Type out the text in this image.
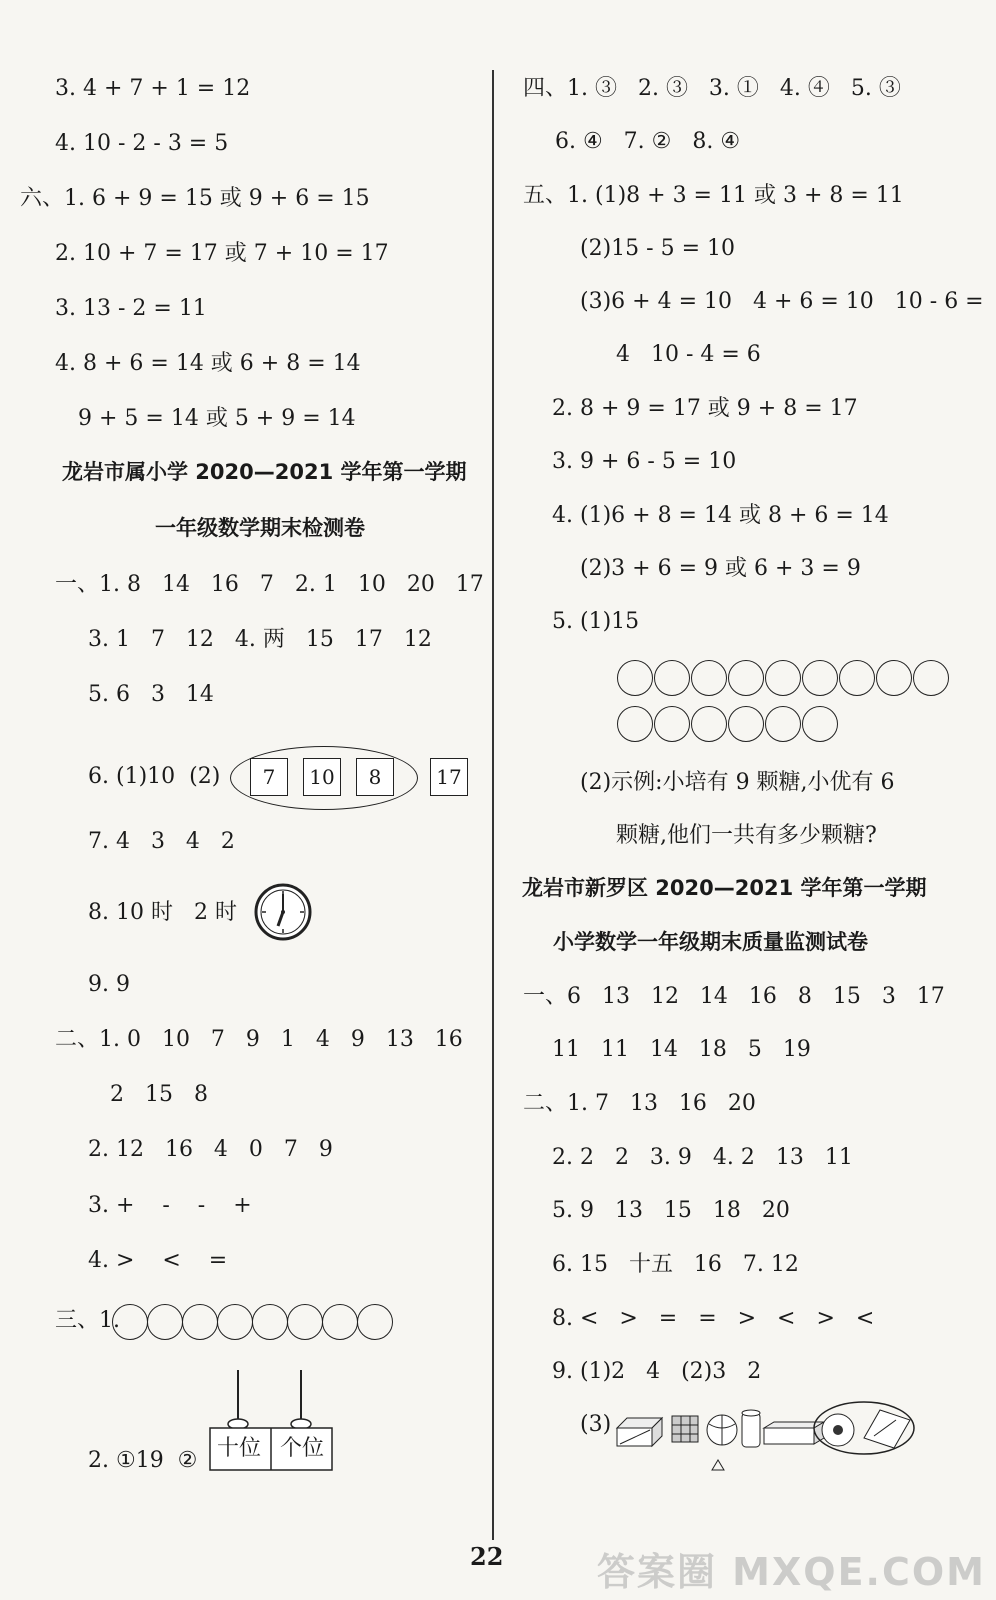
3. 4 + 7 + 1 = 12
4. 10 - 2 - 3 = 5
六、1. 6 + 9 = 15 或 9 + 6 = 15
2. 10 + 7 = 17 或 7 + 10 = 17
3. 13 - 2 = 11
4. 8 + 6 = 14 或 6 + 8 = 14
9 + 5 = 14 或 5 + 9 = 14
龙岩市属小学 2020—2021 学年第一学期
一年级数学期末检测卷
一、1. 8   14   16   7   2. 1   10   20   17
3. 1   7   12   4. 两   15   17   12
5. 6   3   14
6. (1)10  (2)
7. 4   3   4   2
8. 10 时   2 时
9. 9
二、1. 0   10   7   9   1   4   9   13   16
2   15   8
2. 12   16   4   0   7   9
3. +    -    -    +
4. >    <    =
三、1.
2. ①19  ②
7	10	8	17
十位 个位
四、1. ③   2. ③   3. ①   4. ④   5. ③
6. ④   7. ②   8. ④
五、1. (1)8 + 3 = 11 或 3 + 8 = 11
(2)15 - 5 = 10
(3)6 + 4 = 10   4 + 6 = 10   10 - 6 =
4   10 - 4 = 6
2. 8 + 9 = 17 或 9 + 8 = 17
3. 9 + 6 - 5 = 10
4. (1)6 + 8 = 14 或 8 + 6 = 14
(2)3 + 6 = 9 或 6 + 3 = 9
5. (1)15
(2)示例:小培有 9 颗糖,小优有 6
颗糖,他们一共有多少颗糖?
龙岩市新罗区 2020—2021 学年第一学期
小学数学一年级期末质量监测试卷
一、6   13   12   14   16   8   15   3   17
11   11   14   18   5   19
二、1. 7   13   16   20
2. 2   2   3. 9   4. 2   13   11
5. 9   13   15   18   20
6. 15   十五   16   7. 12
8. <   >   =   =   >   <   >   <
9. (1)2   4   (2)3   2
(3)
22 答案圈 MXQE.COM
